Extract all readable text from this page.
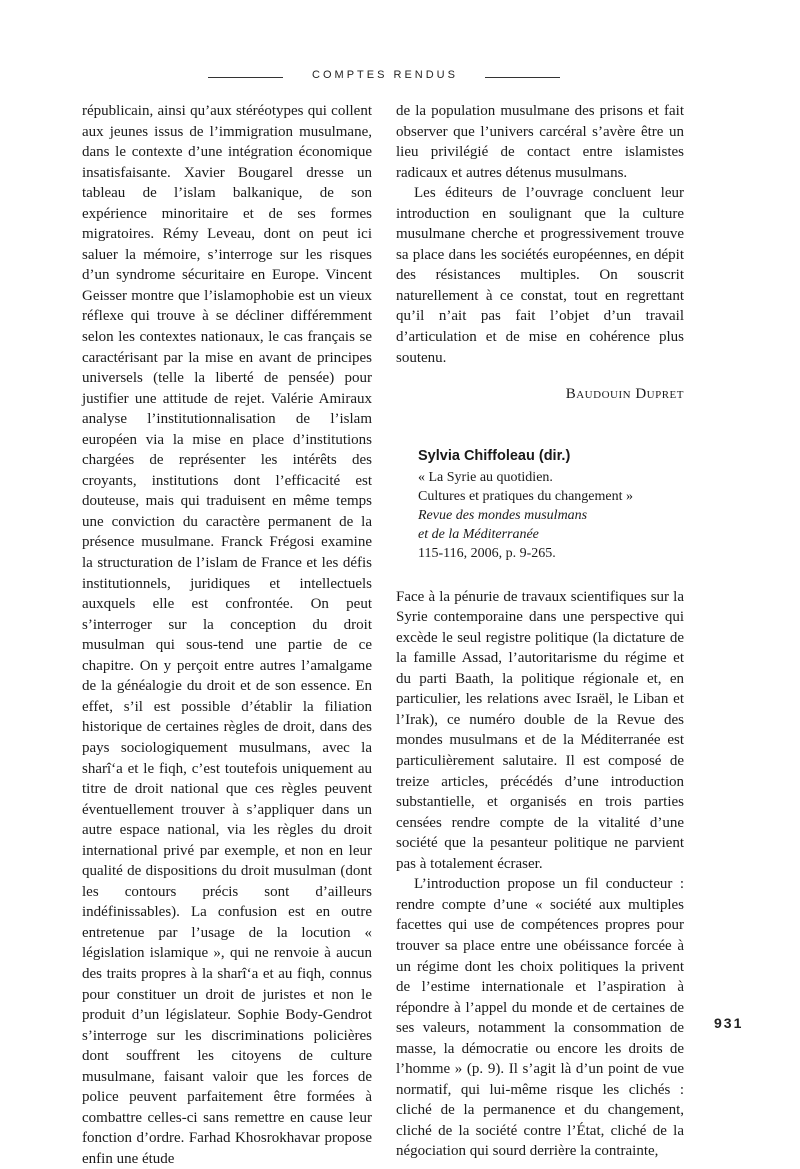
COMPTES RENDUS

républicain, ainsi qu’aux stéréotypes qui collent aux jeunes issus de l’immigration musulmane, dans le contexte d’une intégration économique insatisfaisante. Xavier Bougarel dresse un tableau de l’islam balkanique, de son expérience minoritaire et de ses formes migratoires. Rémy Leveau, dont on peut ici saluer la mémoire, s’interroge sur les risques d’un syndrome sécuritaire en Europe. Vincent Geisser montre que l’islamophobie est un vieux réflexe qui trouve à se décliner différemment selon les contextes nationaux, le cas français se caractérisant par la mise en avant de principes universels (telle la liberté de pensée) pour justifier une attitude de rejet. Valérie Amiraux analyse l’institutionnalisation de l’islam européen via la mise en place d’institutions chargées de représenter les intérêts des croyants, institutions dont l’efficacité est douteuse, mais qui traduisent en même temps une conviction du caractère permanent de la présence musulmane. Franck Frégosi examine la structuration de l’islam de France et les défis institutionnels, juridiques et intellectuels auxquels elle est confrontée. On peut s’interroger sur la conception du droit musulman qui sous-tend une partie de ce chapitre. On y perçoit entre autres l’amalgame de la généalogie du droit et de son essence. En effet, s’il est possible d’établir la filiation historique de certaines règles de droit, dans des pays sociologiquement musulmans, avec la sharî‘a et le fiqh, c’est toutefois uniquement au titre de droit national que ces règles peuvent éventuellement trouver à s’appliquer dans un autre espace national, via les règles du droit international privé par exemple, et non en leur qualité de dispositions du droit musulman (dont les contours précis sont d’ailleurs indéfinissables). La confusion est en outre entretenue par l’usage de la locution « législation islamique », qui ne renvoie à aucun des traits propres à la sharî‘a et au fiqh, connus pour constituer un droit de juristes et non le produit d’un législateur. Sophie Body-Gendrot s’interroge sur les discriminations policières dont souffrent les citoyens de culture musulmane, faisant valoir que les forces de police peuvent parfaitement être formées à combattre celles-ci sans remettre en cause leur fonction d’ordre. Farhad Khosrokhavar propose enfin une étude

de la population musulmane des prisons et fait observer que l’univers carcéral s’avère être un lieu privilégié de contact entre islamistes radicaux et autres détenus musulmans.

Les éditeurs de l’ouvrage concluent leur introduction en soulignant que la culture musulmane cherche et progressivement trouve sa place dans les sociétés européennes, en dépit des résistances multiples. On souscrit naturellement à ce constat, tout en regrettant qu’il n’ait pas fait l’objet d’un travail d’articulation et de mise en cohérence plus soutenu.

Baudouin Dupret

Sylvia Chiffoleau (dir.)
« La Syrie au quotidien.
Cultures et pratiques du changement »
Revue des mondes musulmans
et de la Méditerranée
115-116, 2006, p. 9-265.

Face à la pénurie de travaux scientifiques sur la Syrie contemporaine dans une perspective qui excède le seul registre politique (la dictature de la famille Assad, l’autoritarisme du régime et du parti Baath, la politique régionale et, en particulier, les relations avec Israël, le Liban et l’Irak), ce numéro double de la Revue des mondes musulmans et de la Méditerranée est particulièrement salutaire. Il est composé de treize articles, précédés d’une introduction substantielle, et organisés en trois parties censées rendre compte de la vitalité d’une société que la pesanteur politique ne parvient pas à totalement écraser.

L’introduction propose un fil conducteur : rendre compte d’une « société aux multiples facettes qui use de compétences propres pour trouver sa place entre une obéissance forcée à un régime dont les choix politiques la privent de l’estime internationale et l’aspiration à répondre à l’appel du monde et de certaines de ses valeurs, notamment la consommation de masse, la démocratie ou encore les droits de l’homme » (p. 9). Il s’agit là d’un point de vue normatif, qui lui-même risque les clichés : cliché de la permanence et du changement, cliché de la société contre l’État, cliché de la négociation qui sourd derrière la contrainte,

931
